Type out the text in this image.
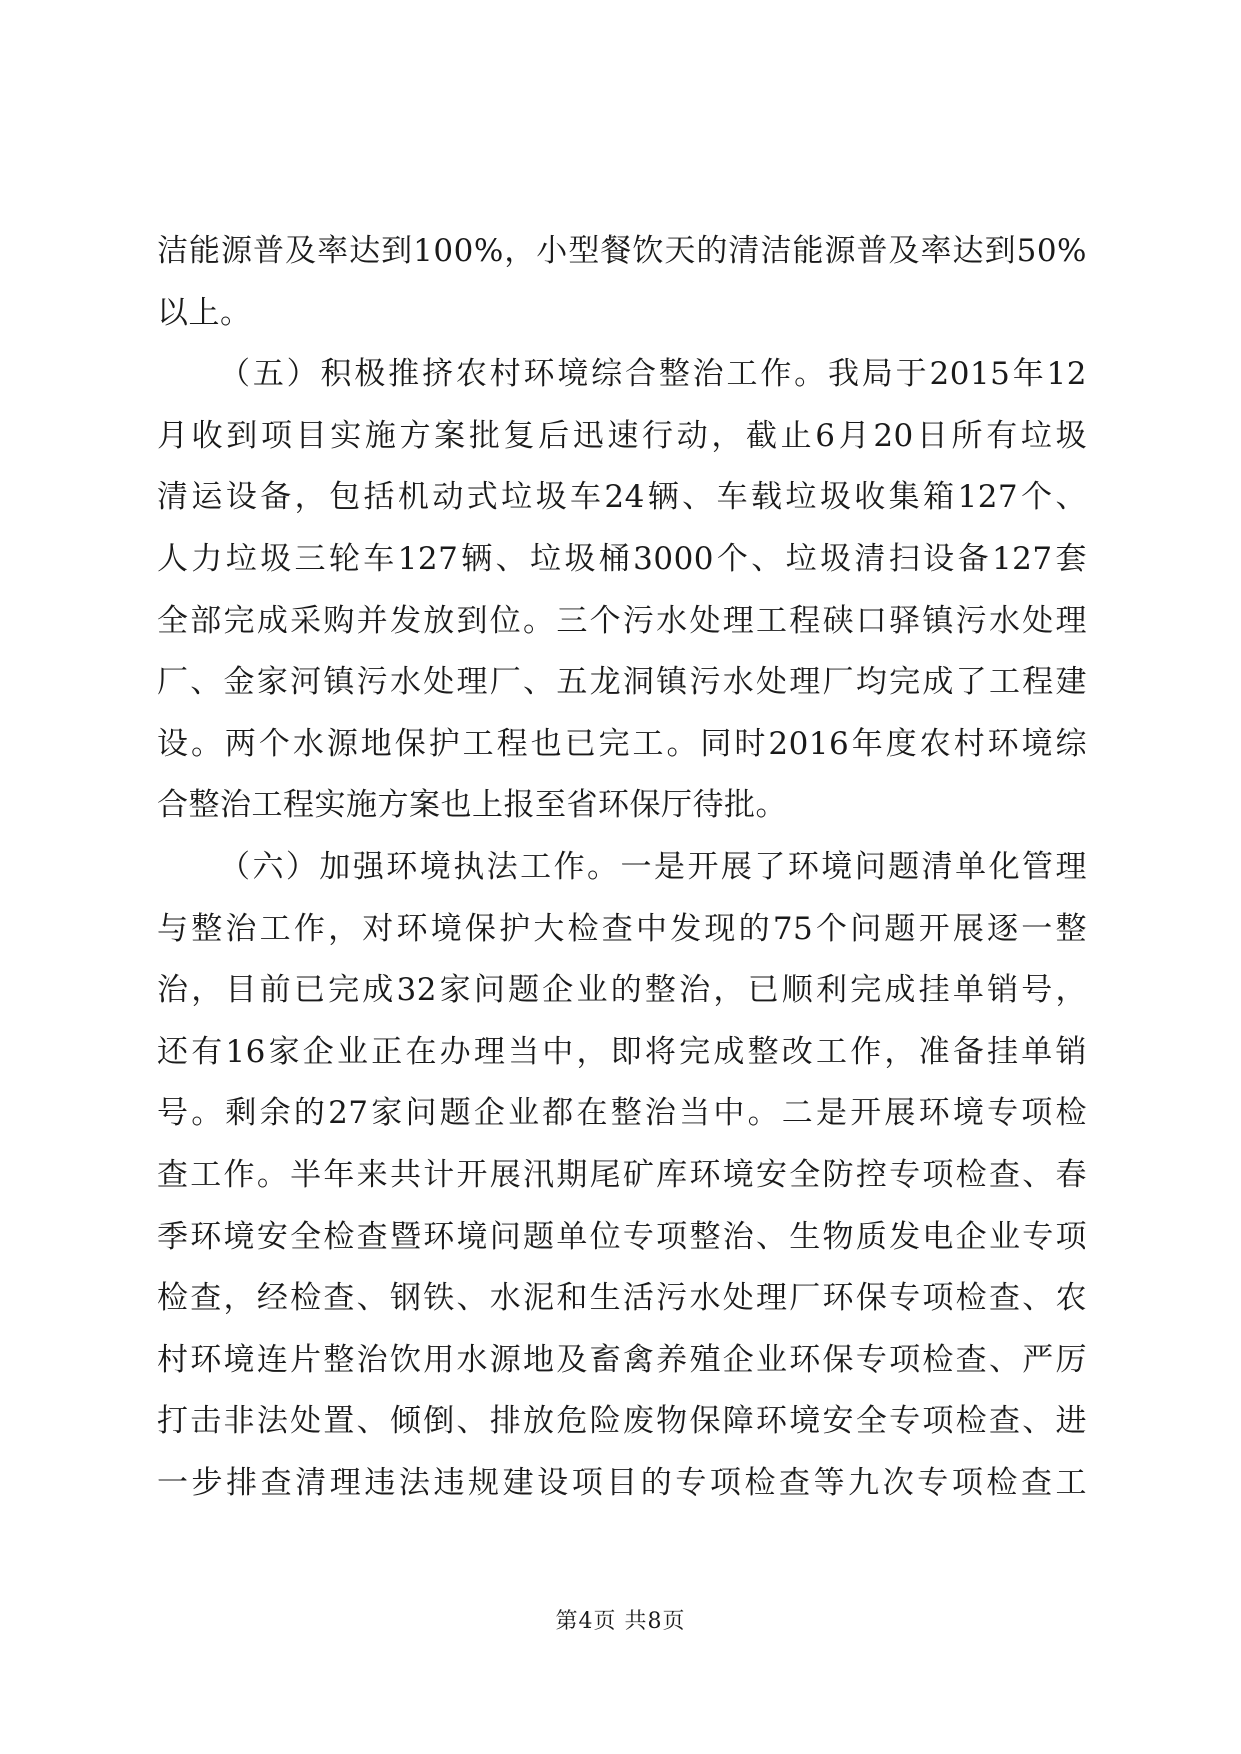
洁能源普及率达到100%，小型餐饮天的清洁能源普及率达到50%
以上。
（五）积极推挤农村环境综合整治工作。我局于2015年12
月收到项目实施方案批复后迅速行动，截止6月20日所有垃圾
清运设备，包括机动式垃圾车24辆、车载垃圾收集箱127个、
人力垃圾三轮车127辆、垃圾桶3000个、垃圾清扫设备127套
全部完成采购并发放到位。三个污水处理工程硖口驿镇污水处理
厂、金家河镇污水处理厂、五龙洞镇污水处理厂均完成了工程建
设。两个水源地保护工程也已完工。同时2016年度农村环境综
合整治工程实施方案也上报至省环保厅待批。
（六）加强环境执法工作。一是开展了环境问题清单化管理
与整治工作，对环境保护大检查中发现的75个问题开展逐一整
治，目前已完成32家问题企业的整治，已顺利完成挂单销号，
还有16家企业正在办理当中，即将完成整改工作，准备挂单销
号。剩余的27家问题企业都在整治当中。二是开展环境专项检
查工作。半年来共计开展汛期尾矿库环境安全防控专项检查、春
季环境安全检查暨环境问题单位专项整治、生物质发电企业专项
检查，经检查、钢铁、水泥和生活污水处理厂环保专项检查、农
村环境连片整治饮用水源地及畜禽养殖企业环保专项检查、严厉
打击非法处置、倾倒、排放危险废物保障环境安全专项检查、进
一步排查清理违法违规建设项目的专项检查等九次专项检查工
第4页 共8页
